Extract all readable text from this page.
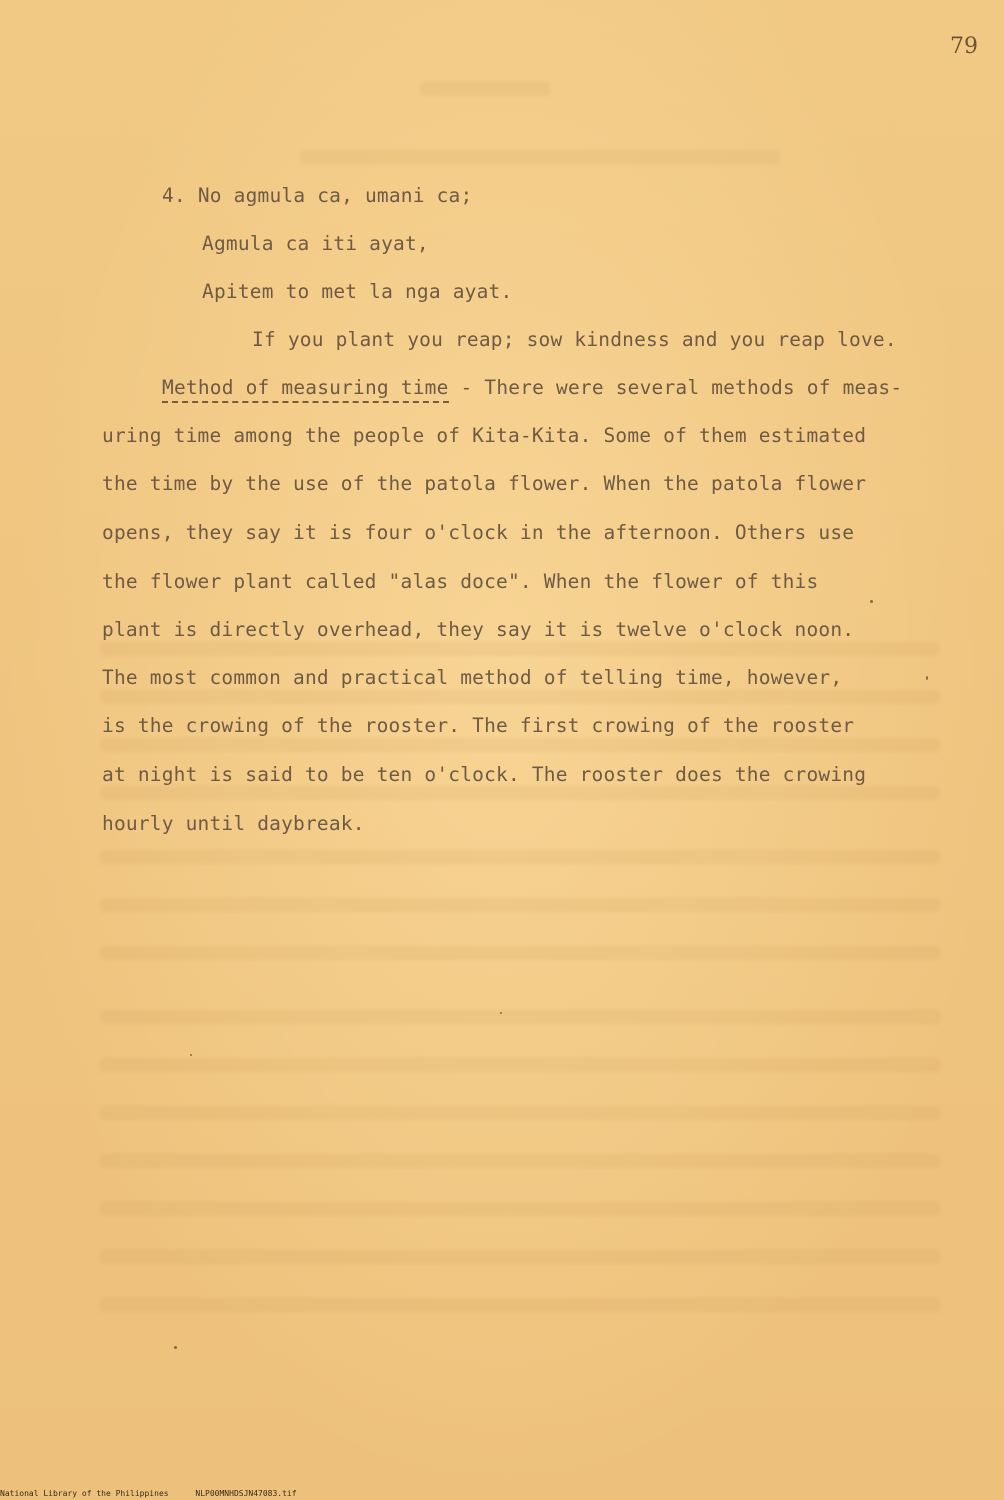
79
4. No agmula ca, umani ca;
Agmula ca iti ayat,
Apitem to met la nga ayat.
If you plant you reap; sow kindness and you reap love.
Method of measuring time - There were several methods of meas-
uring time among the people of Kita-Kita. Some of them estimated
the time by the use of the patola flower. When the patola flower
opens, they say it is four o'clock in the afternoon. Others use
the flower plant called "alas doce". When the flower of this
plant is directly overhead, they say it is twelve o'clock noon.
The most common and practical method of telling time, however,
is the crowing of the rooster. The first crowing of the rooster
at night is said to be ten o'clock. The rooster does the crowing
hourly until daybreak.
National Library of the Philippines	NLP00MNHDSJN47083.tif
